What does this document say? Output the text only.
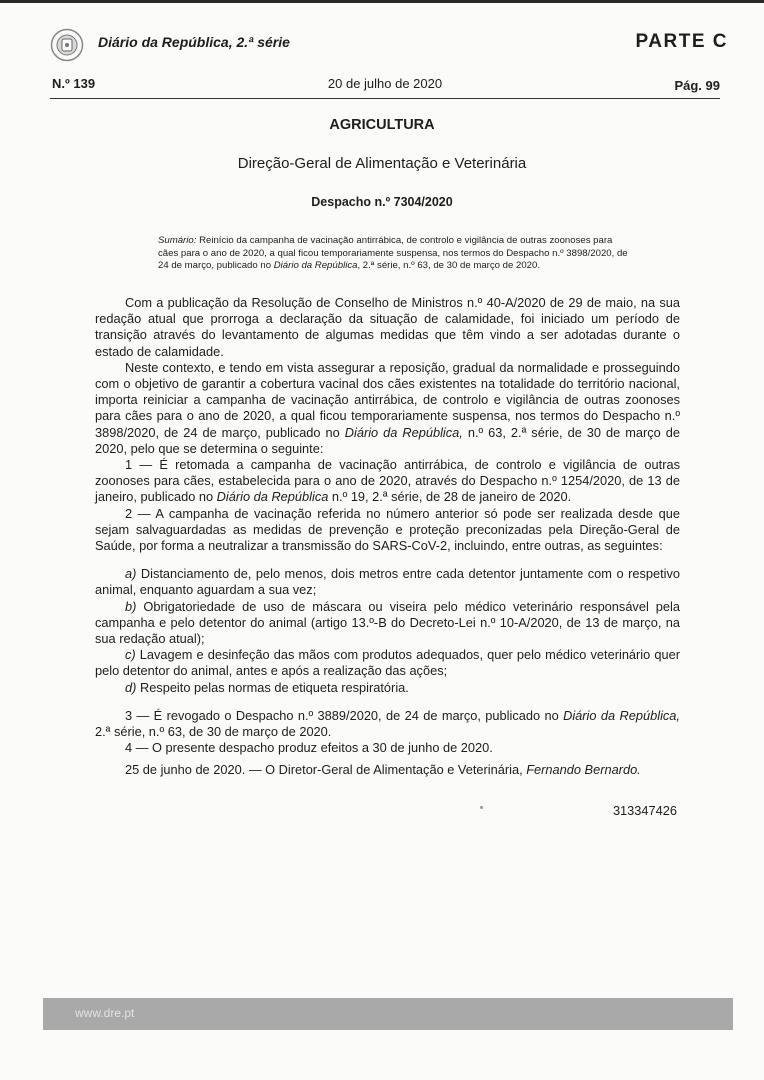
Diário da República, 2.ª série	PARTE C
N.º 139	20 de julho de 2020	Pág. 99
AGRICULTURA
Direção-Geral de Alimentação e Veterinária
Despacho n.º 7304/2020
Sumário: Reinício da campanha de vacinação antirrábica, de controlo e vigilância de outras zoonoses para cães para o ano de 2020, a qual ficou temporariamente suspensa, nos termos do Despacho n.º 3898/2020, de 24 de março, publicado no Diário da República, 2.ª série, n.º 63, de 30 de março de 2020.

Com a publicação da Resolução de Conselho de Ministros n.º 40-A/2020 de 29 de maio, na sua redação atual que prorroga a declaração da situação de calamidade, foi iniciado um período de transição através do levantamento de algumas medidas que têm vindo a ser adotadas durante o estado de calamidade.

Neste contexto, e tendo em vista assegurar a reposição, gradual da normalidade e prosseguindo com o objetivo de garantir a cobertura vacinal dos cães existentes na totalidade do território nacional, importa reiniciar a campanha de vacinação antirrábica, de controlo e vigilância de outras zoonoses para cães para o ano de 2020, a qual ficou temporariamente suspensa, nos termos do Despacho n.º 3898/2020, de 24 de março, publicado no Diário da República, n.º 63, 2.ª série, de 30 de março de 2020, pelo que se determina o seguinte:

1 — É retomada a campanha de vacinação antirrábica, de controlo e vigilância de outras zoonoses para cães, estabelecida para o ano de 2020, através do Despacho n.º 1254/2020, de 13 de janeiro, publicado no Diário da República n.º 19, 2.ª série, de 28 de janeiro de 2020.

2 — A campanha de vacinação referida no número anterior só pode ser realizada desde que sejam salvaguardadas as medidas de prevenção e proteção preconizadas pela Direção-Geral de Saúde, por forma a neutralizar a transmissão do SARS-CoV-2, incluindo, entre outras, as seguintes:

a) Distanciamento de, pelo menos, dois metros entre cada detentor juntamente com o respetivo animal, enquanto aguardam a sua vez;

b) Obrigatoriedade de uso de máscara ou viseira pelo médico veterinário responsável pela campanha e pelo detentor do animal (artigo 13.º-B do Decreto-Lei n.º 10-A/2020, de 13 de março, na sua redação atual);

c) Lavagem e desinfeção das mãos com produtos adequados, quer pelo médico veterinário quer pelo detentor do animal, antes e após a realização das ações;

d) Respeito pelas normas de etiqueta respiratória.

3 — É revogado o Despacho n.º 3889/2020, de 24 de março, publicado no Diário da República, 2.ª série, n.º 63, de 30 de março de 2020.

4 — O presente despacho produz efeitos a 30 de junho de 2020.

25 de junho de 2020. — O Diretor-Geral de Alimentação e Veterinária, Fernando Bernardo.

313347426
www.dre.pt
